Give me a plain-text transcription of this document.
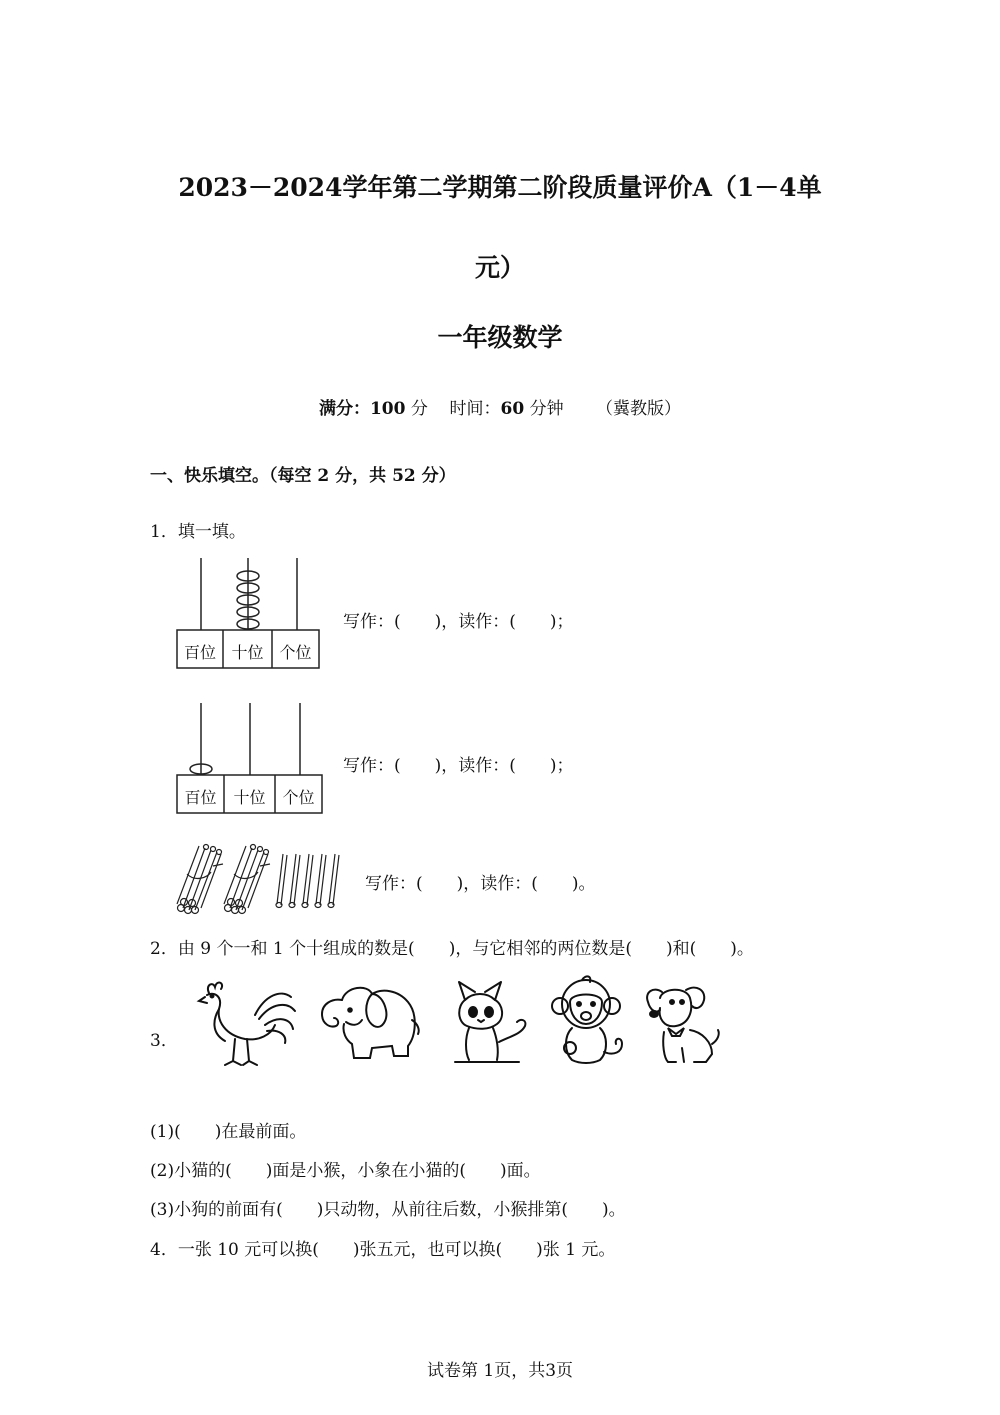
2023－2024学年第二学期第二阶段质量评价A（1－4单
元）
一年级数学
满分：100 分 时间：60 分钟 （冀教版）
一、快乐填空。（每空 2 分，共 52 分）
1．填一填。
百位 十位 个位
写作：(　　)，读作：(　　)；
百位	十位	个位
写作：(　　)，读作：(　　)；
写作：(　　)，读作：(　　)。
2．由 9 个一和 1 个十组成的数是(　　)，与它相邻的两位数是(　　)和(　　)。
3．
(1)(　　)在最前面。
(2)小猫的(　　)面是小猴，小象在小猫的(　　)面。
(3)小狗的前面有(　　)只动物，从前往后数，小猴排第(　　)。
4．一张 10 元可以换(　　)张五元，也可以换(　　)张 1 元。
试卷第 1页，共3页
